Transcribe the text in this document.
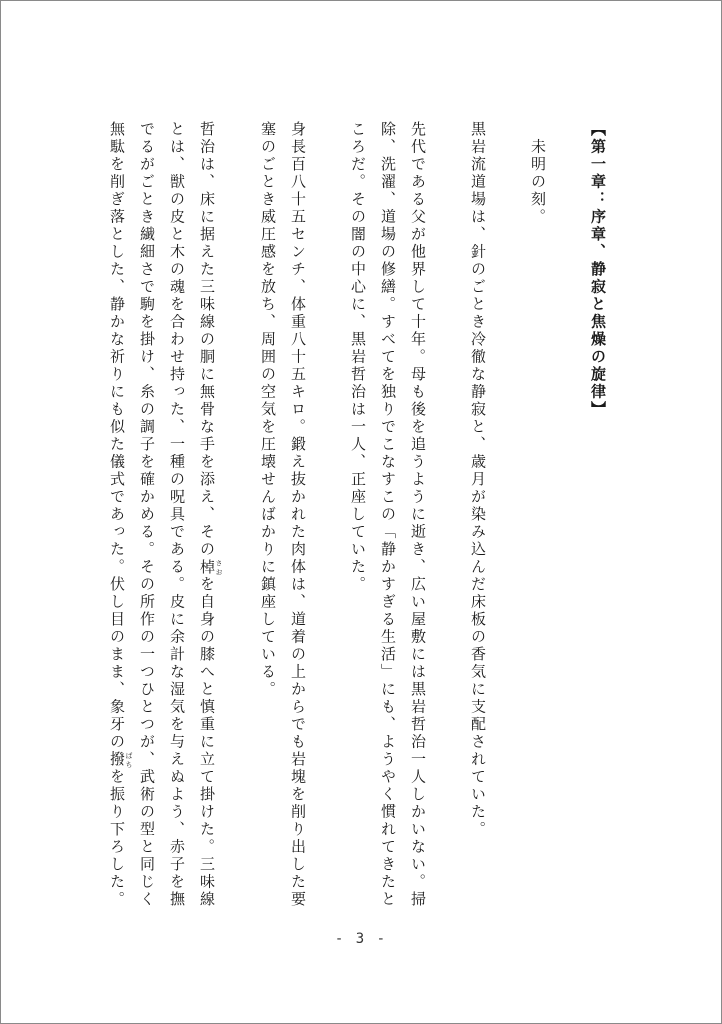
【第一章：序章、静寂と焦燥の旋律】

　未明の刻。

黒岩流道場は、針のごとき冷徹な静寂と、歳月が染み込んだ床板の香気に支配されていた。

先代である父が他界して十年。母も後を追うように逝き、広い屋敷には黒岩哲治一人しかいない。掃除、洗濯、道場の修繕。すべてを独りでこなすこの「静かすぎる生活」にも、ようやく慣れてきたところだ。その闇の中心に、黒岩哲治は一人、正座していた。

身長百八十五センチ、体重八十五キロ。鍛え抜かれた肉体は、道着の上からでも岩塊を削り出した要塞のごとき威圧感を放ち、周囲の空気を圧壊せんばかりに鎮座している。

哲治は、床に据えた三味線の胴に無骨な手を添え、その棹 さおを自身の膝へと慎重に立て掛けた。三味線とは、獣の皮と木の魂を合わせ持った、一種の呪具である。皮に余計な湿気を与えぬよう、赤子を撫でるがごとき繊細さで駒を掛け、糸の調子を確かめる。その所作の一つひとつが、武術の型と同じく無駄を削ぎ落とした、静かな祈りにも似た儀式であった。伏し目のまま、象牙の撥 ばちを振り下ろした。

- 3 -
